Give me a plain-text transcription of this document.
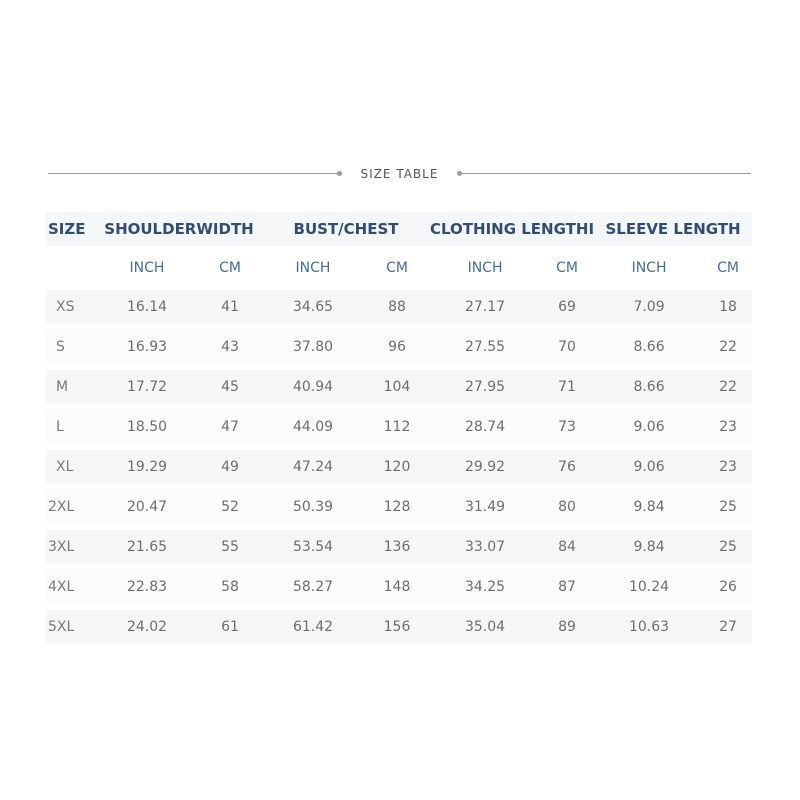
SIZE TABLE
SIZE	SHOULDERWIDTH		BUST/CHEST		CLOTHING LENGTHI		SLEEVE LENGTH	
	INCH	CM	INCH	CM	INCH	CM	INCH	CM
XS	16.14	41	34.65	88	27.17	69	7.09	18

S	16.93	43	37.80	96	27.55	70	8.66	22

M	17.72	45	40.94	104	27.95	71	8.66	22

L	18.50	47	44.09	112	28.74	73	9.06	23

XL	19.29	49	47.24	120	29.92	76	9.06	23

2XL	20.47	52	50.39	128	31.49	80	9.84	25

3XL	21.65	55	53.54	136	33.07	84	9.84	25

4XL	22.83	58	58.27	148	34.25	87	10.24	26

5XL	24.02	61	61.42	156	35.04	89	10.63	27
